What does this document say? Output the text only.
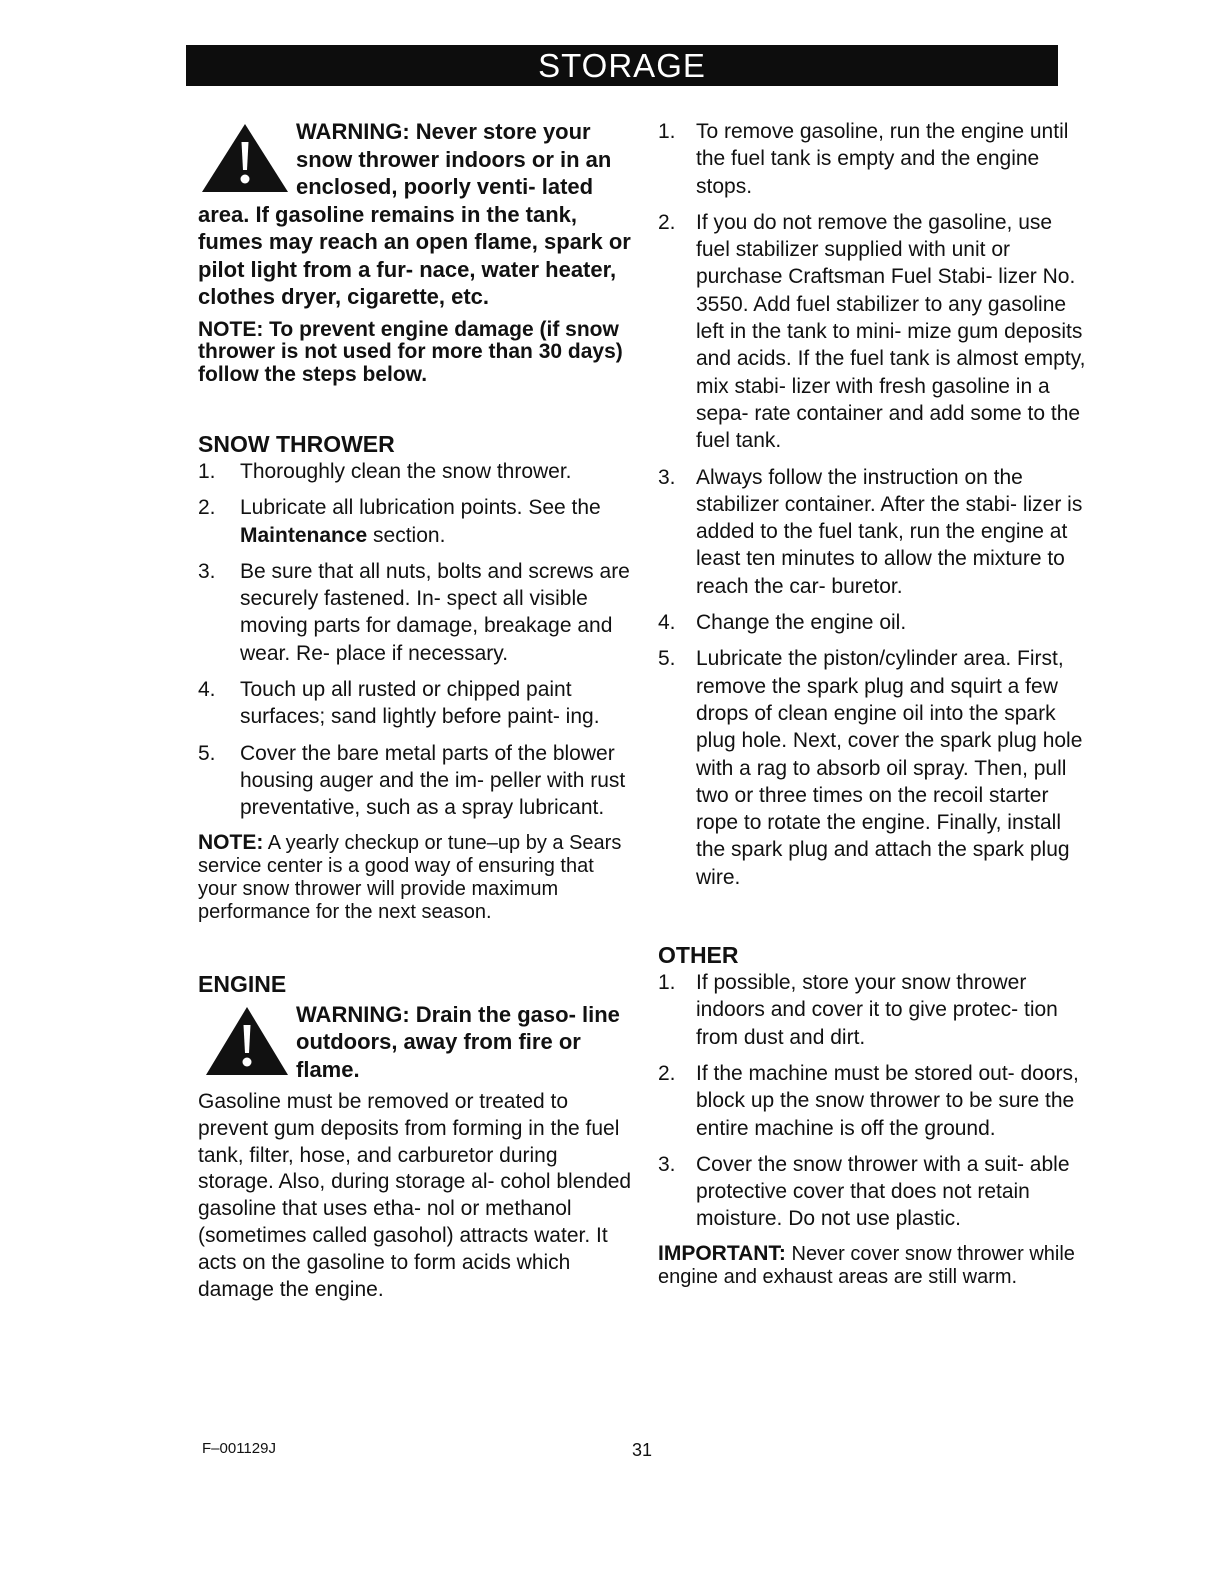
STORAGE
WARNING: Never store your snow thrower indoors or in an enclosed, poorly venti- lated area. If gasoline remains in the tank, fumes may reach an open flame, spark or pilot light from a fur- nace, water heater, clothes dryer, cigarette, etc.
NOTE: To prevent engine damage (if snow thrower is not used for more than 30 days) follow the steps below.
SNOW THROWER
1. Thoroughly clean the snow thrower.
2. Lubricate all lubrication points. See the Maintenance section.
3. Be sure that all nuts, bolts and screws are securely fastened. In- spect all visible moving parts for damage, breakage and wear. Re- place if necessary.
4. Touch up all rusted or chipped paint surfaces; sand lightly before paint- ing.
5. Cover the bare metal parts of the blower housing auger and the im- peller with rust preventative, such as a spray lubricant.
NOTE: A yearly checkup or tune–up by a Sears service center is a good way of ensuring that your snow thrower will provide maximum performance for the next season.
ENGINE
WARNING: Drain the gaso- line outdoors, away from fire or flame.
Gasoline must be removed or treated to prevent gum deposits from forming in the fuel tank, filter, hose, and carburetor during storage. Also, during storage al- cohol blended gasoline that uses etha- nol or methanol (sometimes called gasohol) attracts water. It acts on the gasoline to form acids which damage the engine.
1. To remove gasoline, run the engine until the fuel tank is empty and the engine stops.
2. If you do not remove the gasoline, use fuel stabilizer supplied with unit or purchase Craftsman Fuel Stabi- lizer No. 3550. Add fuel stabilizer to any gasoline left in the tank to mini- mize gum deposits and acids. If the fuel tank is almost empty, mix stabi- lizer with fresh gasoline in a sepa- rate container and add some to the fuel tank.
3. Always follow the instruction on the stabilizer container. After the stabi- lizer is added to the fuel tank, run the engine at least ten minutes to allow the mixture to reach the car- buretor.
4. Change the engine oil.
5. Lubricate the piston/cylinder area. First, remove the spark plug and squirt a few drops of clean engine oil into the spark plug hole. Next, cover the spark plug hole with a rag to absorb oil spray. Then, pull two or three times on the recoil starter rope to rotate the engine. Finally, install the spark plug and attach the spark plug wire.
OTHER
1. If possible, store your snow thrower indoors and cover it to give protec- tion from dust and dirt.
2. If the machine must be stored out- doors, block up the snow thrower to be sure the entire machine is off the ground.
3. Cover the snow thrower with a suit- able protective cover that does not retain moisture. Do not use plastic.
IMPORTANT: Never cover snow thrower while engine and exhaust areas are still warm.
F–001129J	31
